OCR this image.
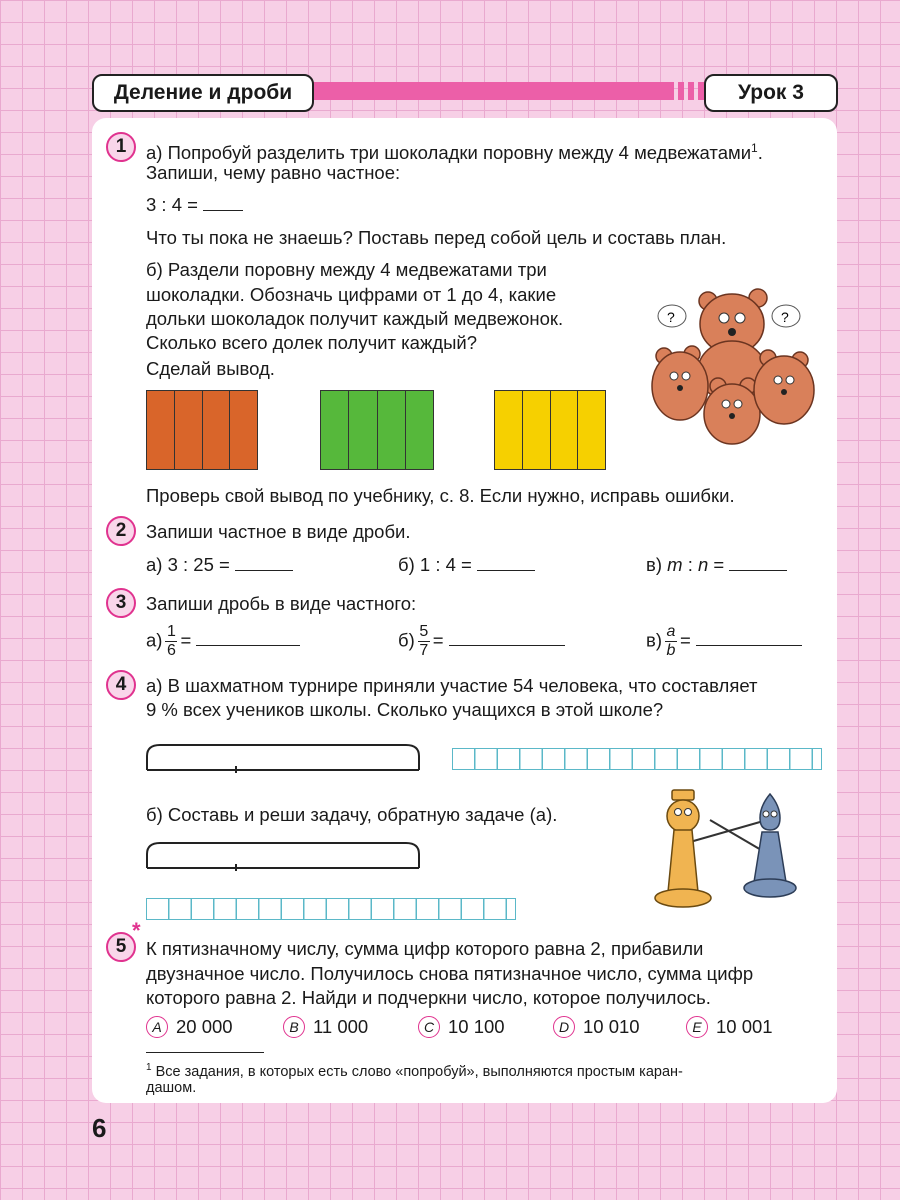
Деление и дроби	Урок 3
1	а) Попробуй разделить три шоколадки поровну между 4 медвежатами$^1$.
Запиши, чему равно частное:
3 : 4 =
Что ты пока не знаешь? Поставь перед собой цель и составь план.
б) Раздели поровну между 4 медвежатами три
шоколадки. Обозначь цифрами от 1 до 4, какие
дольки шоколадок получит каждый медвежонок.
Сколько всего долек получит каждый?
Сделай вывод.
?	?
Проверь свой вывод по учебнику, с. 8. Если нужно, исправь ошибки.
2	Запиши частное в виде дроби.
а) 3 : 25 =	б) 1 : 4 =	в) m : n =
3	Запиши дробь в виде частного:
$а) \frac{1}{6}$ =	$б) \frac{5}{7}$ =	$в) \frac{a}{b}$ =
4	а) В шахматном турнире приняли участие 54 человека, что составляет
9 % всех учеников школы. Сколько учащихся в этой школе?
б) Составь и реши задачу, обратную задаче (а).
5
*
К пятизначному числу, сумма цифр которого равна 2, прибавили
двузначное число. Получилось снова пятизначное число, сумма цифр
которого равна 2. Найди и подчеркни число, которое получилось.
A 20 000	B 11 000	C 10 100	D 10 010	E 10 001
$^1$ Все задания, в которых есть слово «попробуй», выполняются простым каран-
дашом.
6
